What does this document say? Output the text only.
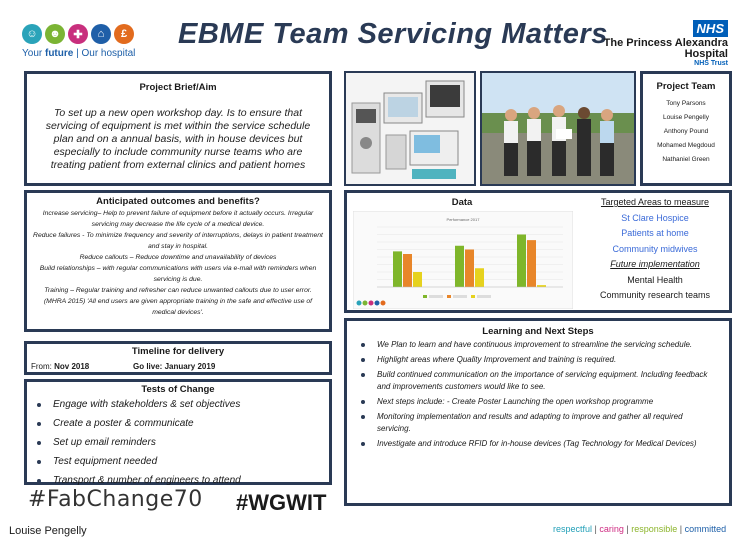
☺	☻	✚	⌂	£
Your future | Our hospital
EBME Team Servicing Matters	NHS
The Princess Alexandra
Hospital
NHS Trust
Project Brief/Aim
To set up a new open workshop day. Is to ensure that servicing of equipment is met within the service schedule plan and on a annual basis, with in house devices but especially to include community nurse teams who are treating patient from external clinics and patient homes
Anticipated outcomes and benefits?

Increase servicing– Help to prevent failure of equipment before it actually occurs. Irregular servicing may decrease the life cycle of a medical device.

Reduce failures - To minimize frequency and severity of interruptions, delays in patient treatment and stay in hospital.

Reduce callouts – Reduce downtime and unavailability of devices

Build relationships – with regular communications with users via e-mail with reminders when servicing is due.

Training – Regular training and refresher can reduce unwanted callouts due to user error. (MHRA 2015) 'All end users are given appropriate training in the safe and effective use of medical devices'.

Timeline for delivery
From: Nov 2018	Go live: January 2019
Tests of Change
Engage with stakeholders & set objectives
Create a poster & communicate
Set up email reminders
Test equipment needed
Transport & number of engineers to attend
Project Team
Tony Parsons
Louise Pengelly
Anthony Pound
Mohamed Megdoud
Nathaniel Green
Data
Performance 2017
Targeted Areas to measure
St Clare Hospice
Patients at home
Community midwives
Future implementation
Mental Health
Community research teams
Learning and Next Steps
We Plan to learn and have continuous improvement to streamline the servicing schedule.
Highlight areas where Quality Improvement and training is required.
Build continued communication on the importance of servicing equipment. Including feedback and improvements customers would like to see.
Next steps include: - Create Poster Launching the open workshop programme
Monitoring implementation and results and adapting to improve and gather all required servicing.
Investigate and introduce RFID for in-house devices (Tag Technology for Medical Devices)
#FabChange70 #WGWIT
Louise Pengelly	respectful | caring | responsible | committed
